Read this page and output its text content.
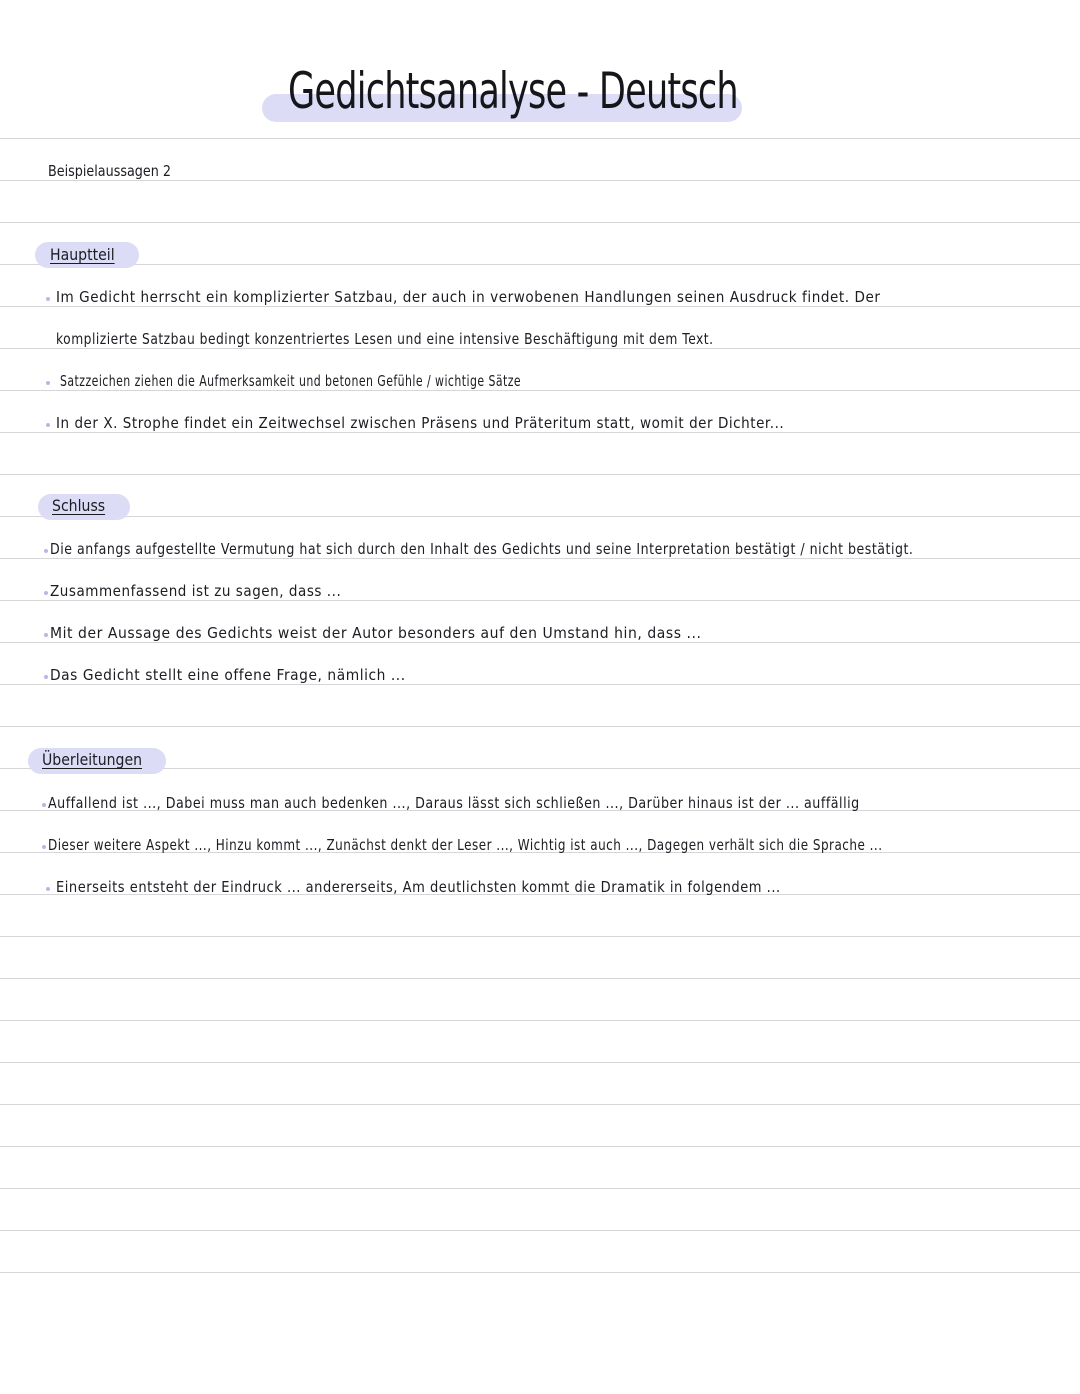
Gedichtsanalyse - Deutsch
Beispielaussagen 2
Hauptteil
Im Gedicht herrscht ein komplizierter Satzbau, der auch in verwobenen Handlungen seinen Ausdruck findet. Der
komplizierte Satzbau bedingt konzentriertes Lesen und eine intensive Beschäftigung mit dem Text.
Satzzeichen ziehen die Aufmerksamkeit und betonen Gefühle / wichtige Sätze
In der X. Strophe findet ein Zeitwechsel zwischen Präsens und Präteritum statt, womit der Dichter...
Schluss
Die anfangs aufgestellte Vermutung hat sich durch den Inhalt des Gedichts und seine Interpretation bestätigt / nicht bestätigt.
Zusammenfassend ist zu sagen, dass ...
Mit der Aussage des Gedichts weist der Autor besonders auf den Umstand hin, dass ...
Das Gedicht stellt eine offene Frage, nämlich ...
Überleitungen
Auffallend ist ..., Dabei muss man auch bedenken ..., Daraus lässt sich schließen ..., Darüber hinaus ist der ... auffällig
Dieser weitere Aspekt ..., Hinzu kommt ..., Zunächst denkt der Leser ..., Wichtig ist auch ..., Dagegen verhält sich die Sprache ...
Einerseits entsteht der Eindruck ... andererseits, Am deutlichsten kommt die Dramatik in folgendem ...
